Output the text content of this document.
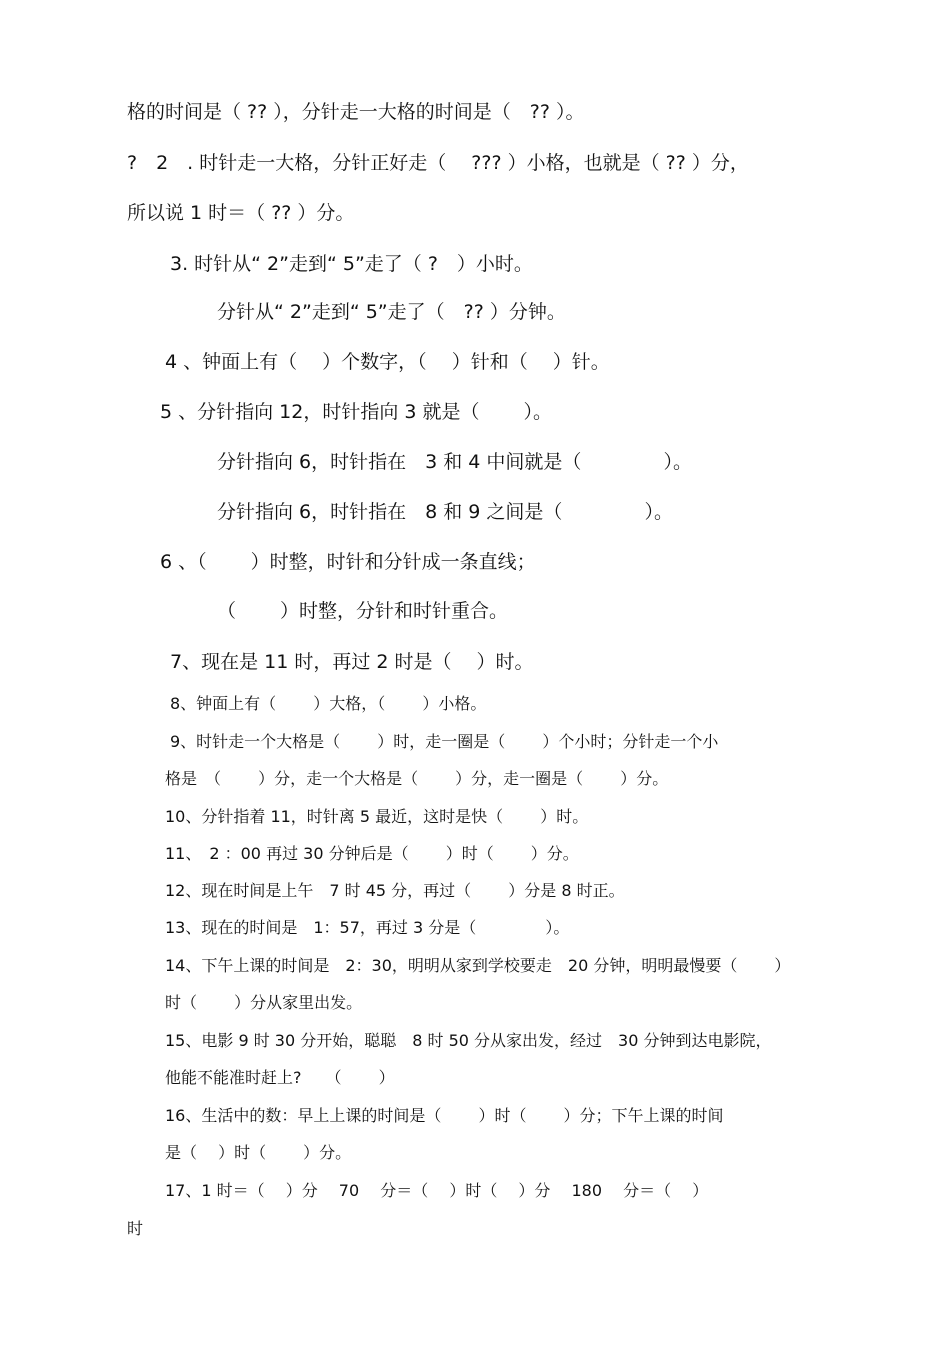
格的时间是（ ?? ），分针走一大格的时间是（　?? ）。
?　2　. 时针走一大格，分针正好走（　 ??? ）小格，也就是（ ?? ）分，
所以说 1 时＝（ ?? ）分。
3. 时针从“ 2”走到“ 5”走了（ ?　）小时。
分针从“ 2”走到“ 5”走了（　?? ）分钟。
4 、钟面上有（　 ）个数字，（　 ）针和（　 ）针。
5 、分针指向 12，时针指向 3 就是（　　 ）。
分针指向 6，时针指在　3 和 4 中间就是（　　　　 ）。
分针指向 6，时针指在　8 和 9 之间是（　　　　 ）。
6 、（　　 ）时整，时针和分针成一条直线；
（　　 ）时整，分针和时针重合。
7、现在是 11 时，再过 2 时是（　 ）时。
8、钟面上有（　　 ）大格，（　　 ）小格。
9、时针走一个大格是（　　 ）时，走一圈是（　　 ）个小时；分针走一个小
格是　（　　 ）分，走一个大格是（　　 ）分，走一圈是（　　 ）分。
10、分针指着 11，时针离 5 最近，这时是快（　　 ）时。
11、　2 ：00 再过 30 分钟后是（　　 ）时（　　 ）分。
12、现在时间是上午　7 时 45 分，再过（　　 ）分是 8 时正。
13、现在的时间是　1：57，再过 3 分是（　　　　 ）。
14、下午上课的时间是　2：30，明明从家到学校要走　20 分钟，明明最慢要（　　 ）
时（　　 ）分从家里出发。
15、电影 9 时 30 分开始，聪聪　8 时 50 分从家出发，经过　30 分钟到达电影院，
他能不能准时赶上?　　（　　 ）
16、生活中的数：早上上课的时间是（　　 ）时（　　 ）分；下午上课的时间
是（　 ）时（　　 ）分。
17、1 时＝（　 ）分　 70　 分＝（　 ）时（　 ）分　 180　 分＝（　 ）
时
